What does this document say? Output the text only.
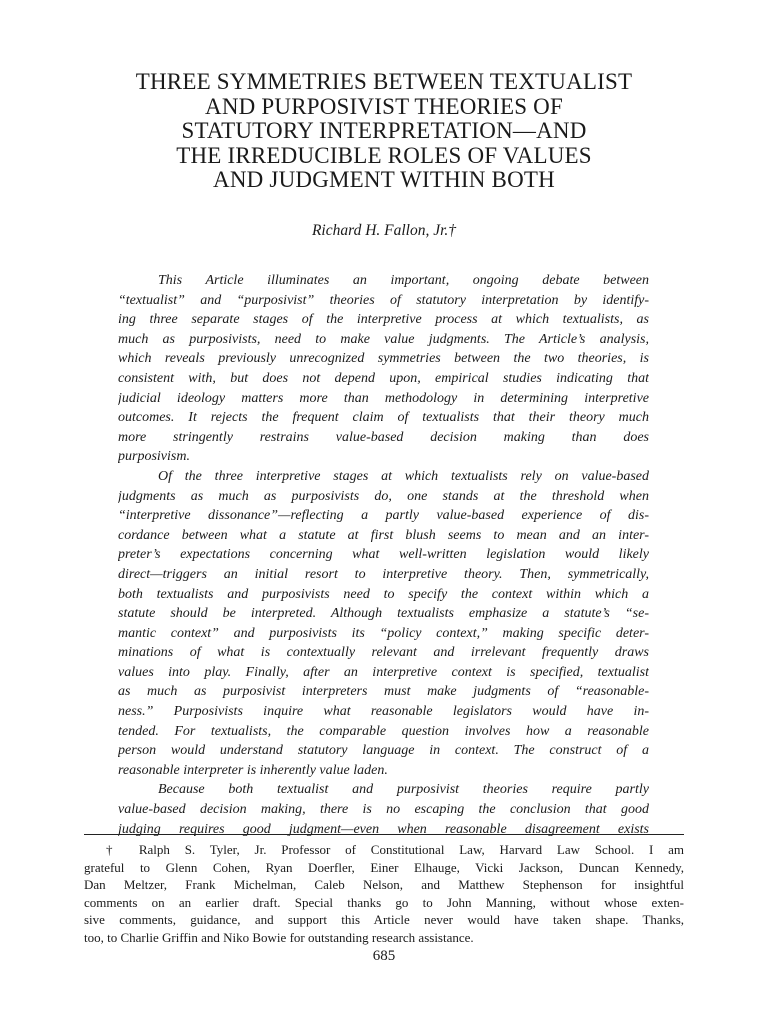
THREE SYMMETRIES BETWEEN TEXTUALIST
AND PURPOSIVIST THEORIES OF
STATUTORY INTERPRETATION—AND
THE IRREDUCIBLE ROLES OF VALUES
AND JUDGMENT WITHIN BOTH
Richard H. Fallon, Jr.†
This Article illuminates an important, ongoing debate between
“textualist” and “purposivist” theories of statutory interpretation by identify-
ing three separate stages of the interpretive process at which textualists, as
much as purposivists, need to make value judgments. The Article’s analysis,
which reveals previously unrecognized symmetries between the two theories, is
consistent with, but does not depend upon, empirical studies indicating that
judicial ideology matters more than methodology in determining interpretive
outcomes. It rejects the frequent claim of textualists that their theory much
more stringently restrains value-based decision making than does
purposivism.
Of the three interpretive stages at which textualists rely on value-based
judgments as much as purposivists do, one stands at the threshold when
“interpretive dissonance”—reflecting a partly value-based experience of dis-
cordance between what a statute at first blush seems to mean and an inter-
preter’s expectations concerning what well-written legislation would likely
direct—triggers an initial resort to interpretive theory. Then, symmetrically,
both textualists and purposivists need to specify the context within which a
statute should be interpreted. Although textualists emphasize a statute’s “se-
mantic context” and purposivists its “policy context,” making specific deter-
minations of what is contextually relevant and irrelevant frequently draws
values into play. Finally, after an interpretive context is specified, textualist
as much as purposivist interpreters must make judgments of “reasonable-
ness.” Purposivists inquire what reasonable legislators would have in-
tended. For textualists, the comparable question involves how a reasonable
person would understand statutory language in context. The construct of a
reasonable interpreter is inherently value laden.
Because both textualist and purposivist theories require partly
value-based decision making, there is no escaping the conclusion that good
judging requires good judgment—even when reasonable disagreement exists
† Ralph S. Tyler, Jr. Professor of Constitutional Law, Harvard Law School. I am
grateful to Glenn Cohen, Ryan Doerfler, Einer Elhauge, Vicki Jackson, Duncan Kennedy,
Dan Meltzer, Frank Michelman, Caleb Nelson, and Matthew Stephenson for insightful
comments on an earlier draft. Special thanks go to John Manning, without whose exten-
sive comments, guidance, and support this Article never would have taken shape. Thanks,
too, to Charlie Griffin and Niko Bowie for outstanding research assistance.
685
